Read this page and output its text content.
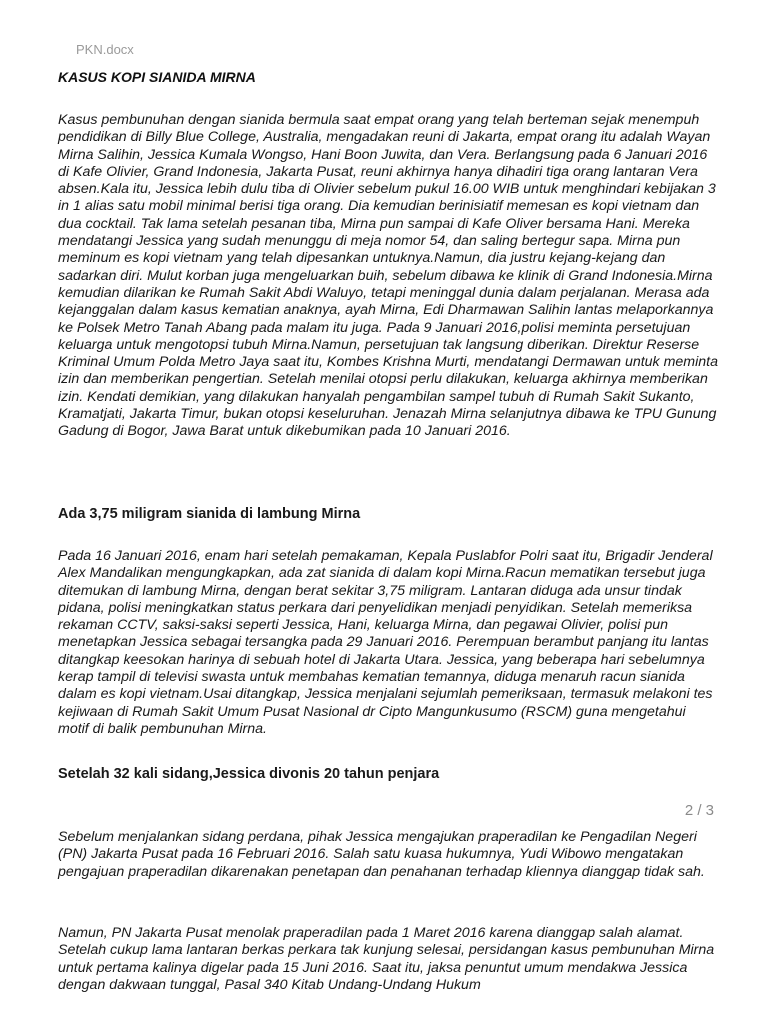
PKN.docx
KASUS KOPI SIANIDA MIRNA

Kasus pembunuhan dengan sianida bermula saat empat orang yang telah berteman sejak menempuh pendidikan di Billy Blue College, Australia, mengadakan reuni di Jakarta, empat orang itu adalah Wayan Mirna Salihin, Jessica Kumala Wongso, Hani Boon Juwita, dan Vera. Berlangsung pada 6 Januari 2016 di Kafe Olivier, Grand Indonesia, Jakarta Pusat, reuni akhirnya hanya dihadiri tiga orang lantaran Vera absen.Kala itu, Jessica lebih dulu tiba di Olivier sebelum pukul 16.00 WIB untuk menghindari kebijakan 3 in 1 alias satu mobil minimal berisi tiga orang. Dia kemudian berinisiatif memesan es kopi vietnam dan dua cocktail. Tak lama setelah pesanan tiba, Mirna pun sampai di Kafe Oliver bersama Hani. Mereka mendatangi Jessica yang sudah menunggu di meja nomor 54, dan saling bertegur sapa. Mirna pun meminum es kopi vietnam yang telah dipesankan untuknya.Namun, dia justru kejang-kejang dan sadarkan diri. Mulut korban juga mengeluarkan buih, sebelum dibawa ke klinik di Grand Indonesia.Mirna kemudian dilarikan ke Rumah Sakit Abdi Waluyo, tetapi meninggal dunia dalam perjalanan. Merasa ada kejanggalan dalam kasus kematian anaknya, ayah Mirna, Edi Dharmawan Salihin lantas melaporkannya ke Polsek Metro Tanah Abang pada malam itu juga. Pada 9 Januari 2016,polisi meminta persetujuan keluarga untuk mengotopsi tubuh Mirna.Namun, persetujuan tak langsung diberikan. Direktur Reserse Kriminal Umum Polda Metro Jaya saat itu, Kombes Krishna Murti, mendatangi Dermawan untuk meminta izin dan memberikan pengertian. Setelah menilai otopsi perlu dilakukan, keluarga akhirnya memberikan izin. Kendati demikian, yang dilakukan hanyalah pengambilan sampel tubuh di Rumah Sakit Sukanto, Kramatjati, Jakarta Timur, bukan otopsi keseluruhan. Jenazah Mirna selanjutnya dibawa ke TPU Gunung Gadung di Bogor, Jawa Barat untuk dikebumikan pada 10 Januari 2016.

Ada 3,75 miligram sianida di lambung Mirna

Pada 16 Januari 2016, enam hari setelah pemakaman, Kepala Puslabfor Polri saat itu, Brigadir Jenderal Alex Mandalikan mengungkapkan, ada zat sianida di dalam kopi Mirna.Racun mematikan tersebut juga ditemukan di lambung Mirna, dengan berat sekitar 3,75 miligram. Lantaran diduga ada unsur tindak pidana, polisi meningkatkan status perkara dari penyelidikan menjadi penyidikan. Setelah memeriksa rekaman CCTV, saksi-saksi seperti Jessica, Hani, keluarga Mirna, dan pegawai Olivier, polisi pun menetapkan Jessica sebagai tersangka pada 29 Januari 2016. Perempuan berambut panjang itu lantas ditangkap keesokan harinya di sebuah hotel di Jakarta Utara. Jessica, yang beberapa hari sebelumnya kerap tampil di televisi swasta untuk membahas kematian temannya, diduga menaruh racun sianida dalam es kopi vietnam.Usai ditangkap, Jessica menjalani sejumlah pemeriksaan, termasuk melakoni tes kejiwaan di Rumah Sakit Umum Pusat Nasional dr Cipto Mangunkusumo (RSCM) guna mengetahui motif di balik pembunuhan Mirna.

Setelah 32 kali sidang,Jessica divonis 20 tahun penjara
2 / 3

Sebelum menjalankan sidang perdana, pihak Jessica mengajukan praperadilan ke Pengadilan Negeri (PN) Jakarta Pusat pada 16 Februari 2016. Salah satu kuasa hukumnya, Yudi Wibowo mengatakan pengajuan praperadilan dikarenakan penetapan dan penahanan terhadap kliennya dianggap tidak sah.

Namun, PN Jakarta Pusat menolak praperadilan pada 1 Maret 2016 karena dianggap salah alamat. Setelah cukup lama lantaran berkas perkara tak kunjung selesai, persidangan kasus pembunuhan Mirna untuk pertama kalinya digelar pada 15 Juni 2016. Saat itu, jaksa penuntut umum mendakwa Jessica dengan dakwaan tunggal, Pasal 340 Kitab Undang-Undang Hukum
